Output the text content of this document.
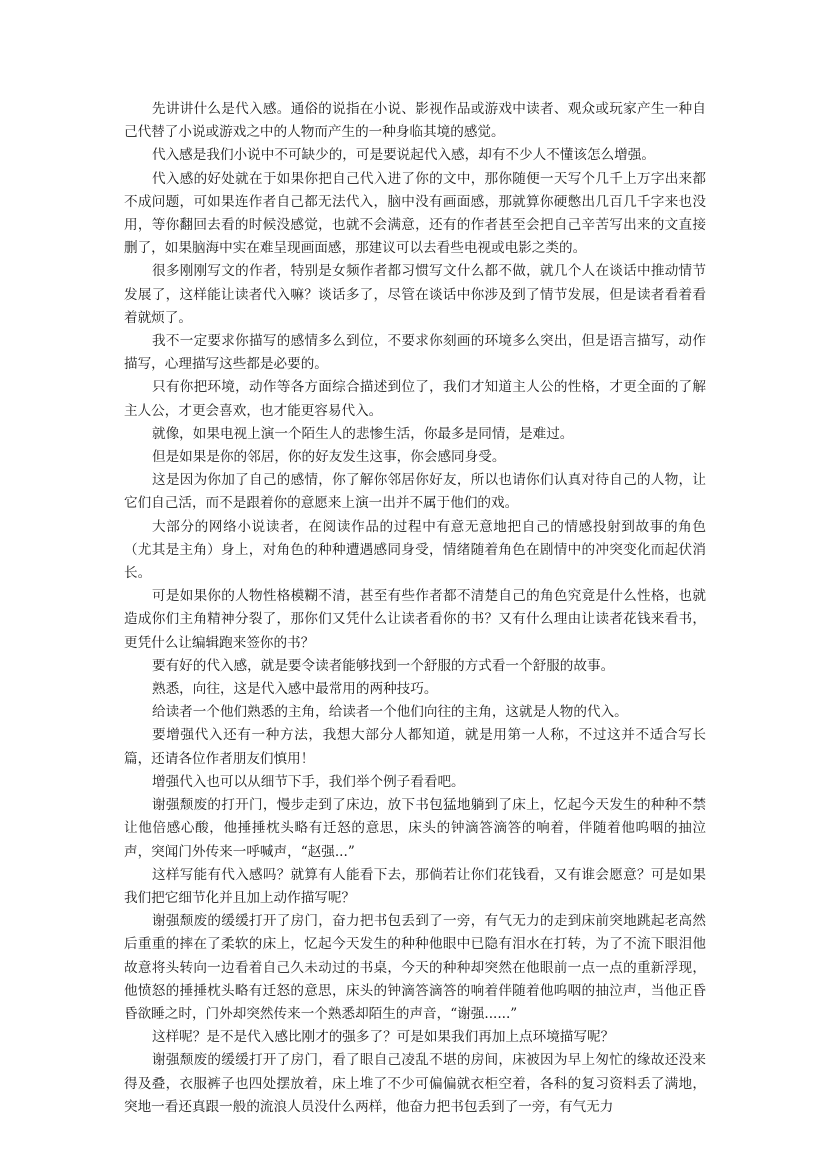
先讲讲什么是代入感。通俗的说指在小说、影视作品或游戏中读者、观众或玩家产生一种自己代替了小说或游戏之中的人物而产生的一种身临其境的感觉。

代入感是我们小说中不可缺少的，可是要说起代入感，却有不少人不懂该怎么增强。

代入感的好处就在于如果你把自己代入进了你的文中，那你随便一天写个几千上万字出来都不成问题，可如果连作者自己都无法代入，脑中没有画面感，那就算你硬憋出几百几千字来也没用，等你翻回去看的时候没感觉，也就不会满意，还有的作者甚至会把自己辛苦写出来的文直接删了，如果脑海中实在难呈现画面感，那建议可以去看些电视或电影之类的。

很多刚刚写文的作者，特别是女频作者都习惯写文什么都不做，就几个人在谈话中推动情节发展了，这样能让读者代入嘛？谈话多了，尽管在谈话中你涉及到了情节发展，但是读者看着看着就烦了。

我不一定要求你描写的感情多么到位，不要求你刻画的环境多么突出，但是语言描写，动作描写，心理描写这些都是必要的。

只有你把环境，动作等各方面综合描述到位了，我们才知道主人公的性格，才更全面的了解主人公，才更会喜欢，也才能更容易代入。

就像，如果电视上演一个陌生人的悲惨生活，你最多是同情，是难过。

但是如果是你的邻居，你的好友发生这事，你会感同身受。

这是因为你加了自己的感情，你了解你邻居你好友，所以也请你们认真对待自己的人物，让它们自己活，而不是跟着你的意愿来上演一出并不属于他们的戏。

大部分的网络小说读者，在阅读作品的过程中有意无意地把自己的情感投射到故事的角色（尤其是主角）身上，对角色的种种遭遇感同身受，情绪随着角色在剧情中的冲突变化而起伏消长。

可是如果你的人物性格模糊不清，甚至有些作者都不清楚自己的角色究竟是什么性格，也就造成你们主角精神分裂了，那你们又凭什么让读者看你的书？又有什么理由让读者花钱来看书，更凭什么让编辑跑来签你的书？

要有好的代入感，就是要令读者能够找到一个舒服的方式看一个舒服的故事。

熟悉，向往，这是代入感中最常用的两种技巧。

给读者一个他们熟悉的主角，给读者一个他们向往的主角，这就是人物的代入。

要增强代入还有一种方法，我想大部分人都知道，就是用第一人称，不过这并不适合写长篇，还请各位作者朋友们慎用！

增强代入也可以从细节下手，我们举个例子看看吧。

谢强颓废的打开门，慢步走到了床边，放下书包猛地躺到了床上，忆起今天发生的种种不禁让他倍感心酸，他捶捶枕头略有迁怒的意思，床头的钟滴答滴答的响着，伴随着他呜咽的抽泣声，突闻门外传来一呼喊声，“赵强...”

这样写能有代入感吗？就算有人能看下去，那倘若让你们花钱看，又有谁会愿意？可是如果我们把它细节化并且加上动作描写呢？

谢强颓废的缓缓打开了房门，奋力把书包丢到了一旁，有气无力的走到床前突地跳起老高然后重重的摔在了柔软的床上，忆起今天发生的种种他眼中已隐有泪水在打转，为了不流下眼泪他故意将头转向一边看着自己久未动过的书桌，今天的种种却突然在他眼前一点一点的重新浮现，他愤怒的捶捶枕头略有迁怒的意思，床头的钟滴答滴答的响着伴随着他呜咽的抽泣声，当他正昏昏欲睡之时，门外却突然传来一个熟悉却陌生的声音，“谢强......”

这样呢？是不是代入感比刚才的强多了？可是如果我们再加上点环境描写呢？

谢强颓废的缓缓打开了房门，看了眼自己凌乱不堪的房间，床被因为早上匆忙的缘故还没来得及叠，衣服裤子也四处摆放着，床上堆了不少可偏偏就衣柜空着，各科的复习资料丢了满地，突地一看还真跟一般的流浪人员没什么两样，他奋力把书包丢到了一旁，有气无力
